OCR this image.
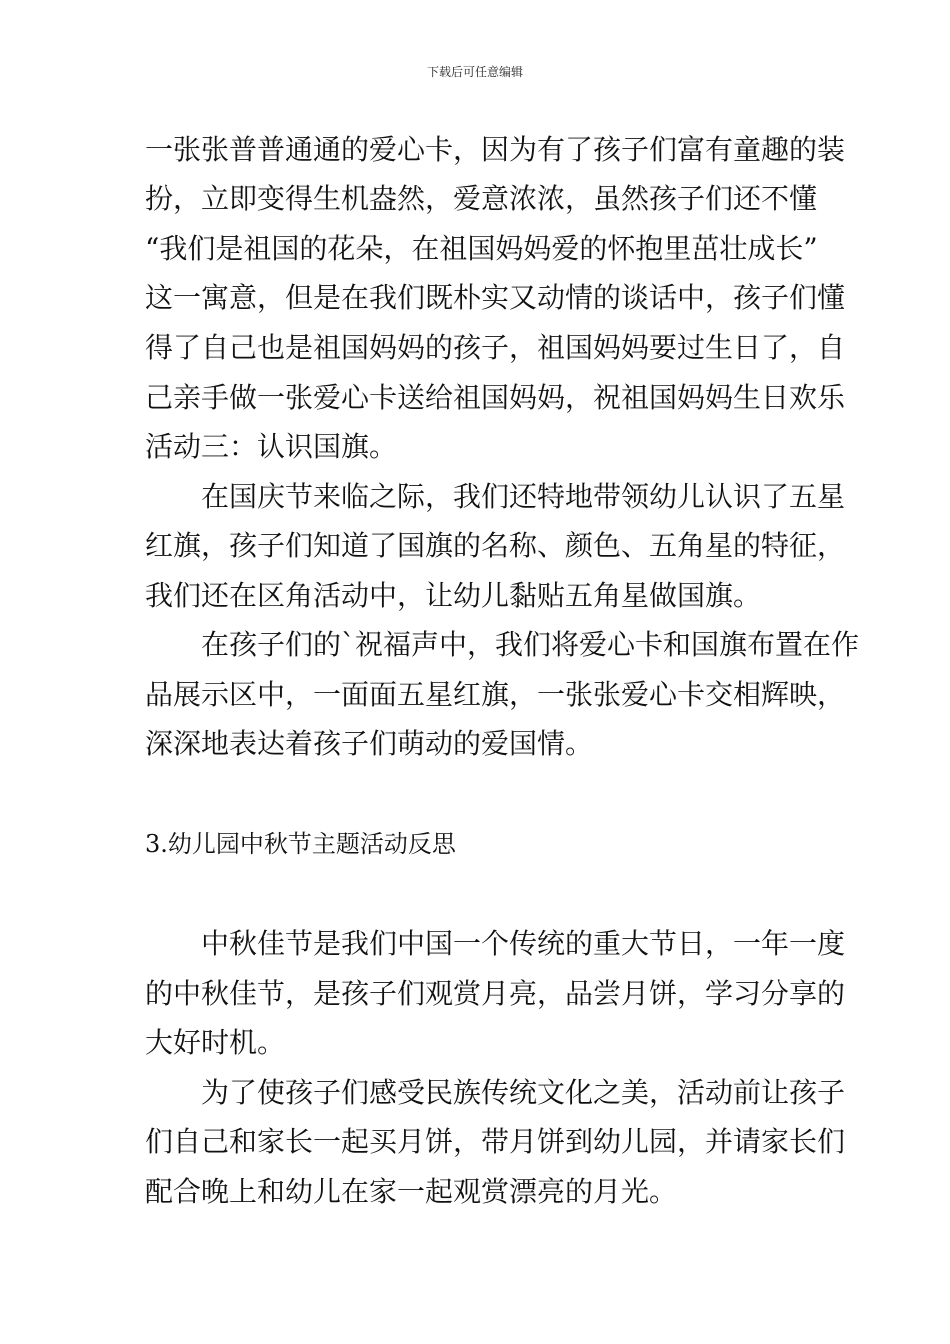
下载后可任意编辑
一张张普普通通的爱心卡，因为有了孩子们富有童趣的装
扮，立即变得生机盎然，爱意浓浓，虽然孩子们还不懂
“我们是祖国的花朵，在祖国妈妈爱的怀抱里茁壮成长”
这一寓意，但是在我们既朴实又动情的谈话中，孩子们懂
得了自己也是祖国妈妈的孩子，祖国妈妈要过生日了，自
己亲手做一张爱心卡送给祖国妈妈，祝祖国妈妈生日欢乐
活动三：认识国旗。
在国庆节来临之际，我们还特地带领幼儿认识了五星
红旗，孩子们知道了国旗的名称、颜色、五角星的特征，
我们还在区角活动中，让幼儿黏贴五角星做国旗。
在孩子们的`祝福声中，我们将爱心卡和国旗布置在作
品展示区中，一面面五星红旗，一张张爱心卡交相辉映，
深深地表达着孩子们萌动的爱国情。
3.幼儿园中秋节主题活动反思
中秋佳节是我们中国一个传统的重大节日，一年一度
的中秋佳节，是孩子们观赏月亮，品尝月饼，学习分享的
大好时机。
为了使孩子们感受民族传统文化之美，活动前让孩子
们自己和家长一起买月饼，带月饼到幼儿园，并请家长们
配合晚上和幼儿在家一起观赏漂亮的月光。
